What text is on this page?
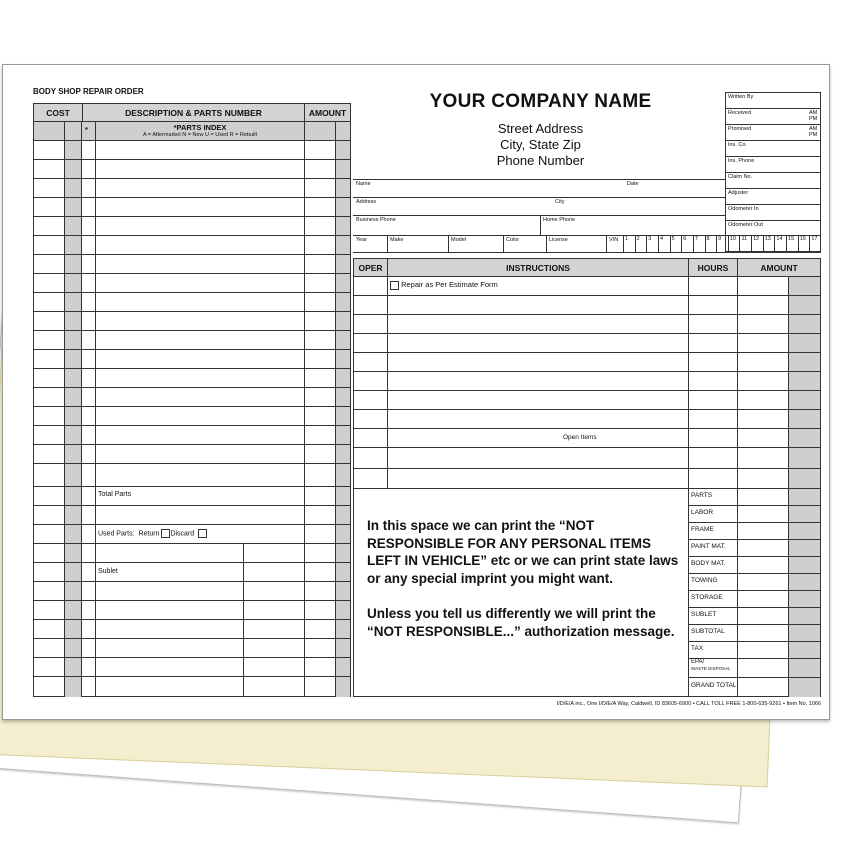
BODY SHOP REPAIR ORDER
COST	DESCRIPTION & PARTS NUMBER	AMOUNT
*	*PARTS INDEX
A = Aftermarket N = New U = Used R = Rebuilt
Total Parts
Used Parts: Return Discard
Sublet
YOUR COMPANY NAME
Street Address
City, State Zip
Phone Number
Written By
Received	AM
PM
Promised	AM
PM
Ins. Co.
Ins. Phone
Claim No.
Adjuster
Odometer In
Odometer Out
Name	Date
Address	City
Business Phone	Home Phone
Year	Make	Model	Color	License	VIN 1 2 3 4 5 6 7 8 9 10 11 12 13 14 15 16 17
OPER	INSTRUCTIONS	HOURS	AMOUNT
Repair as Per Estimate Form
Open Items
In this space we can print the “NOT RESPONSIBLE FOR ANY PERSONAL ITEMS LEFT IN VEHICLE” etc or we can print state laws or any special imprint you might want.
Unless you tell us differently we will print the “NOT RESPONSIBLE...” authorization message.
PARTS
LABOR
FRAME
PAINT MAT.
BODY MAT.
TOWING
STORAGE
SUBLET
SUBTOTAL
TAX
EPA/
WASTE DISPOSAL
GRAND TOTAL
I/D/E/A inc., One I/D/E/A Way, Caldwell, ID 83605-6900 • CALL TOLL FREE 1-800-635-9261 • Item No. 1066
